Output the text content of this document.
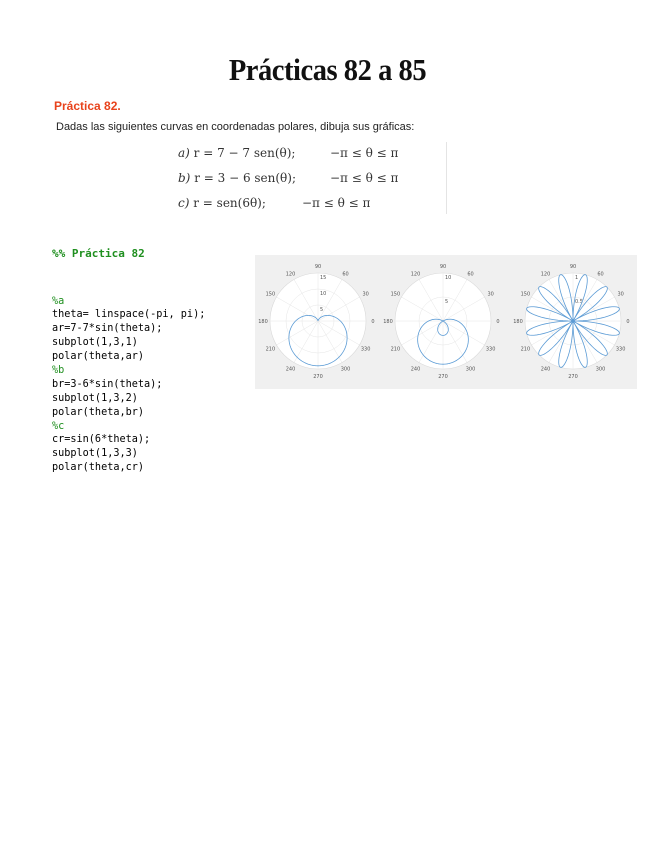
Prácticas 82 a 85
Práctica 82.
Dadas las siguientes curvas en coordenadas polares, dibuja sus gráficas:
a) r = 7 − 7 sen(θ);	−π ≤ θ ≤ π
b) r = 3 − 6 sen(θ);	−π ≤ θ ≤ π
c) r = sen(6θ);	−π ≤ θ ≤ π

%% Práctica 82

%a
theta= linspace(-pi, pi);
ar=7-7*sin(theta);
subplot(1,3,1)
polar(theta,ar)
%b
br=3-6*sin(theta);
subplot(1,3,2)
polar(theta,br)
%c
cr=sin(6*theta);
subplot(1,3,3)
polar(theta,cr)

5
10
15
0
30
60
90
120
150
180
210
240
270
300
330
5
10
0
30
60
90
120
150
180
210
240
270
300
330
0.5
1
0
30
60
90
120
150
180
210
240
270
300
330
